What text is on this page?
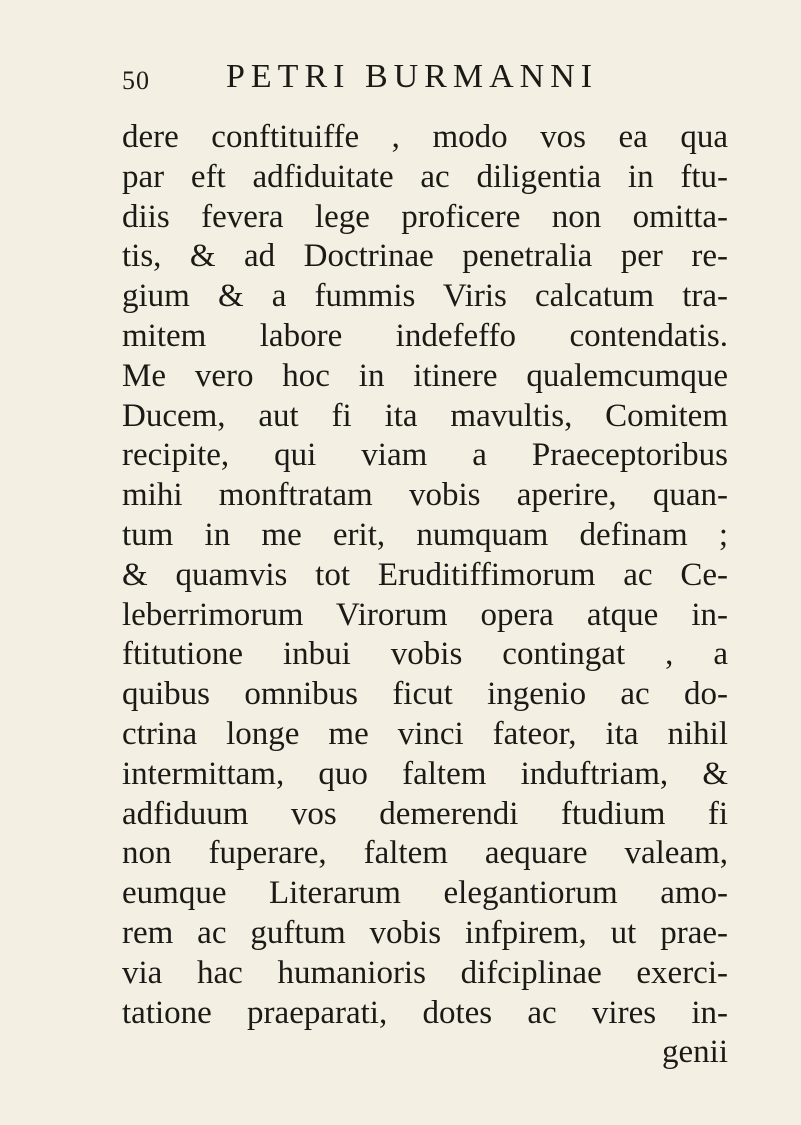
50 PETRI BURMANNI
dere conftituiffe , modo vos ea qua
par eft adfiduitate ac diligentia in ftu-
diis fevera lege proficere non omitta-
tis, & ad Doctrinae penetralia per re-
gium & a fummis Viris calcatum tra-
mitem labore indefeffo contendatis.
Me vero hoc in itinere qualemcumque
Ducem, aut fi ita mavultis, Comitem
recipite, qui viam a Praeceptoribus
mihi monftratam vobis aperire, quan-
tum in me erit, numquam definam ;
& quamvis tot Eruditiffimorum ac Ce-
leberrimorum Virorum opera atque in-
ftitutione inbui vobis contingat , a
quibus omnibus ficut ingenio ac do-
ctrina longe me vinci fateor, ita nihil
intermittam, quo faltem induftriam, &
adfiduum vos demerendi ftudium fi
non fuperare, faltem aequare valeam,
eumque Literarum elegantiorum amo-
rem ac guftum vobis infpirem, ut prae-
via hac humanioris difciplinae exerci-
tatione praeparati, dotes ac vires in-
genii
